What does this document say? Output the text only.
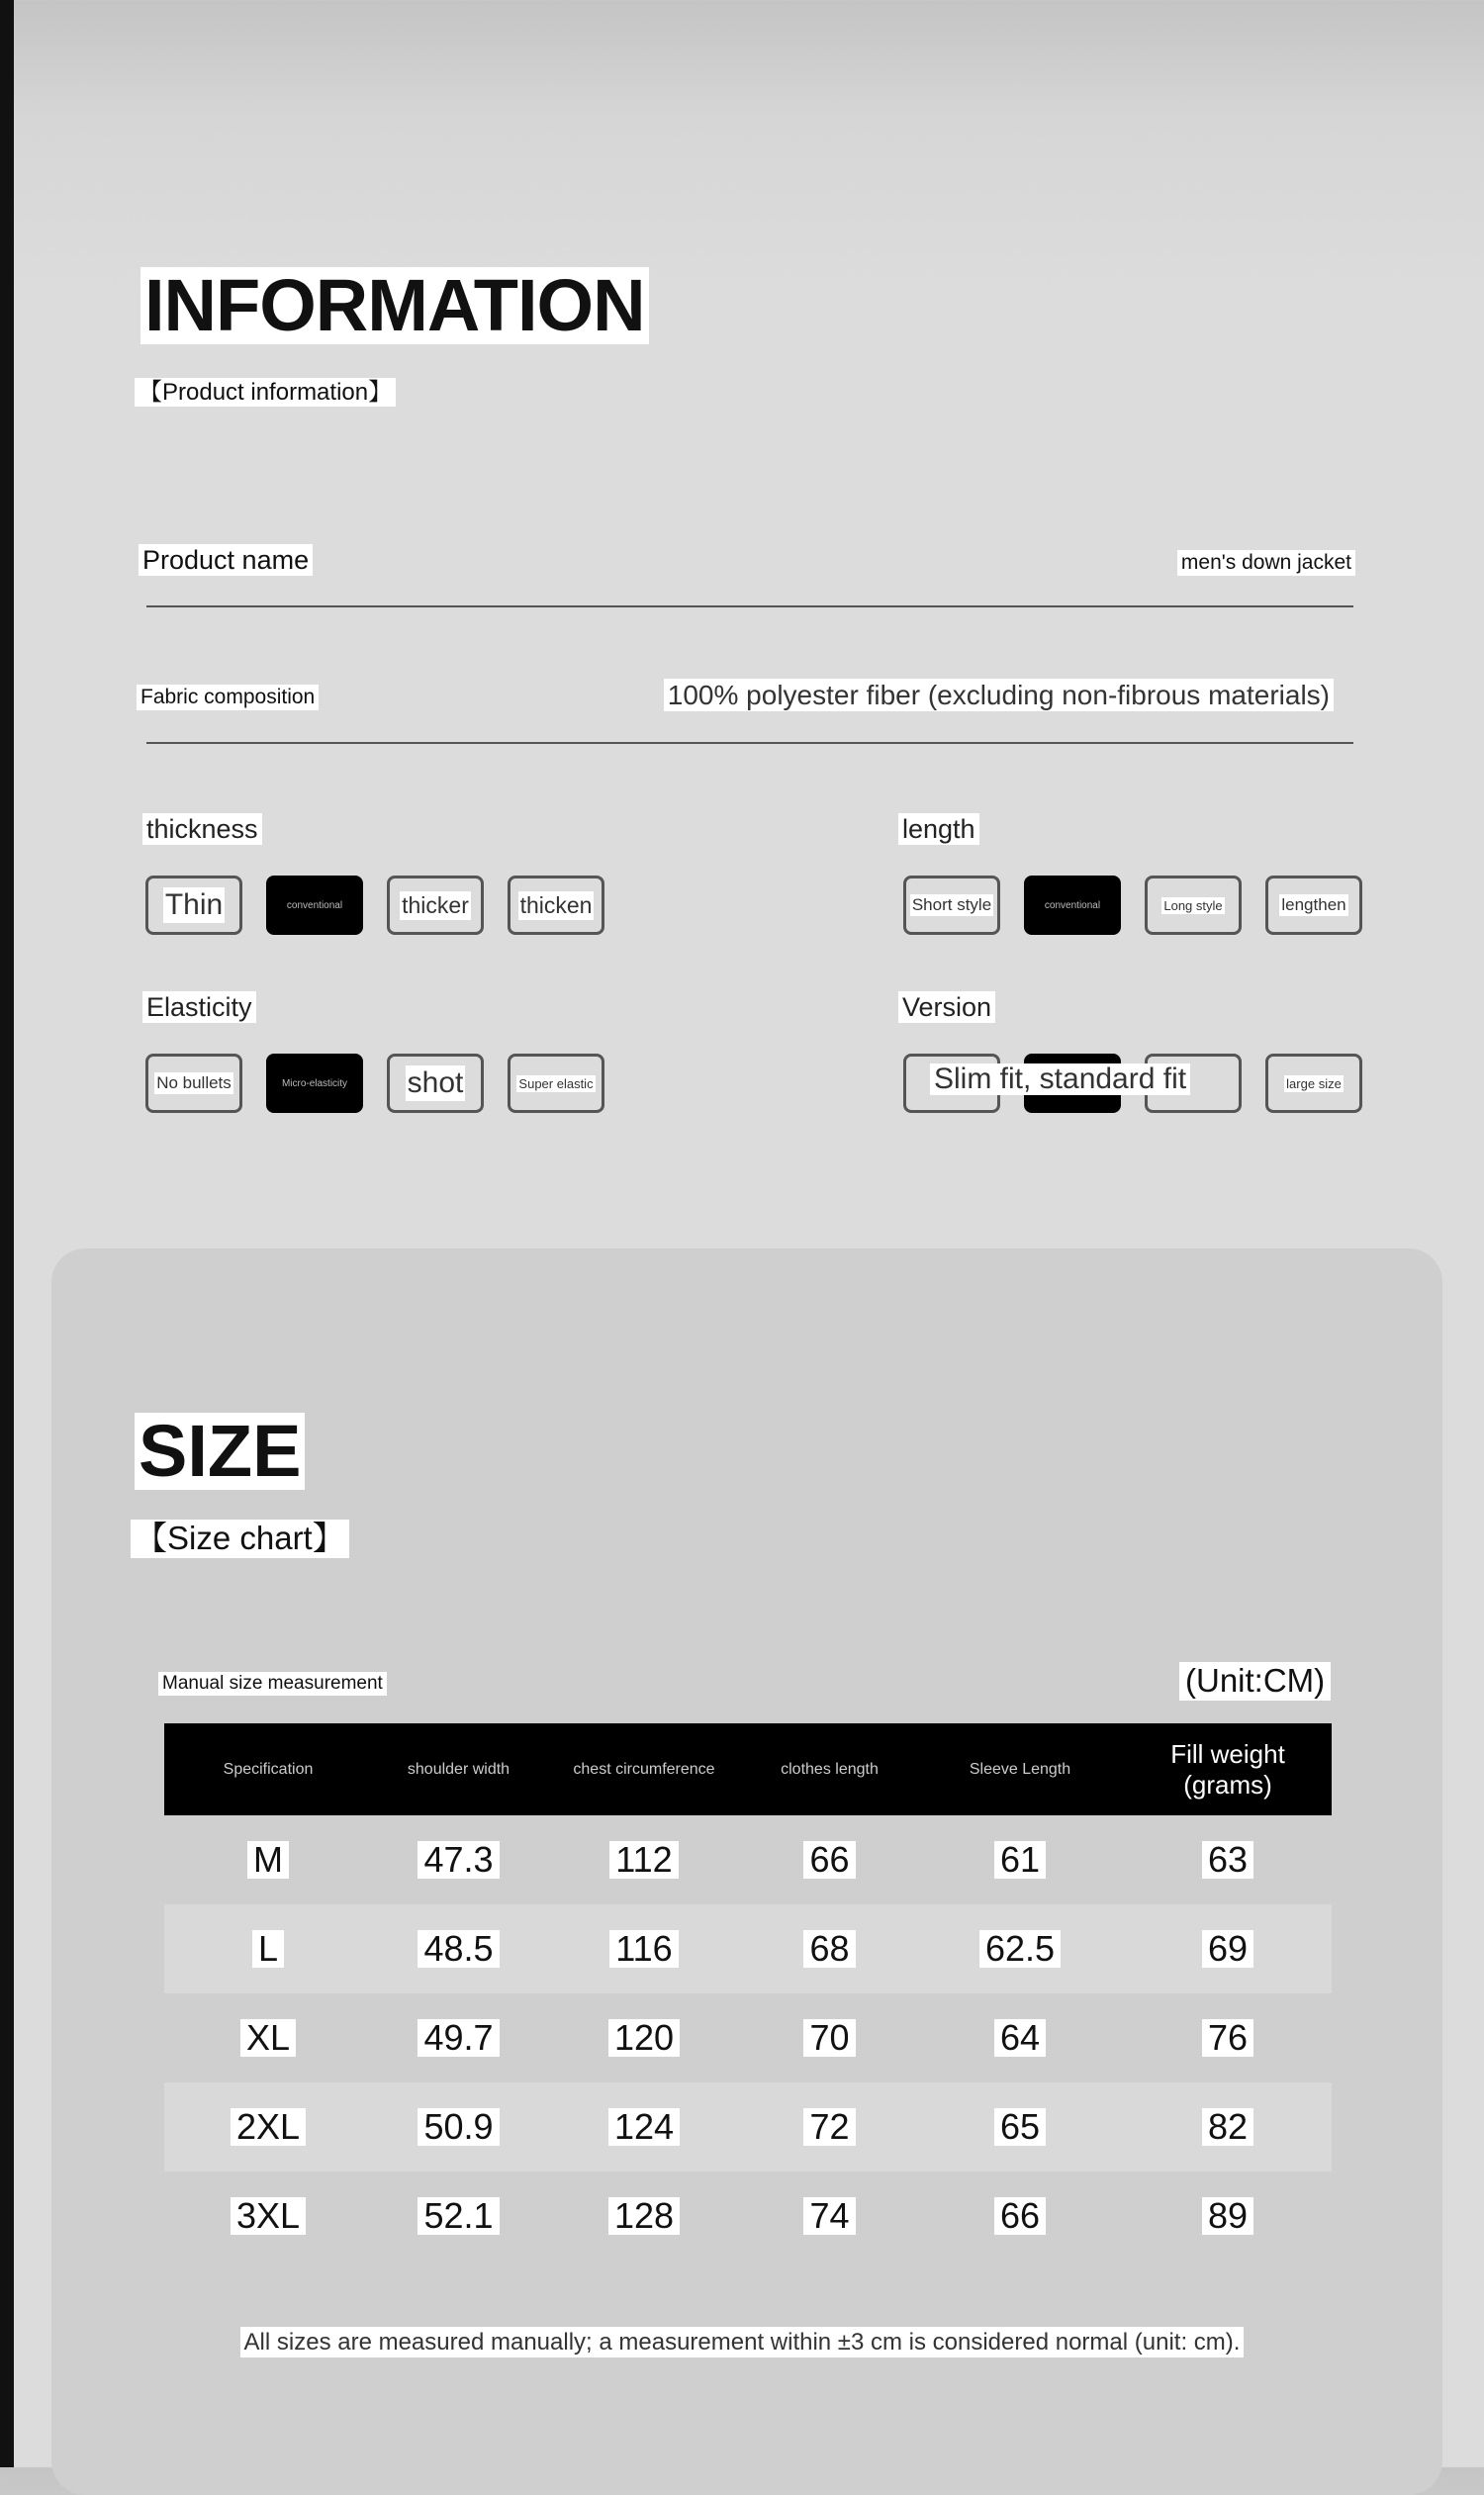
INFORMATION
【Product information】
Product name	men's down jacket
Fabric composition	100% polyester fiber (excluding non-fibrous materials)
thickness
Thin	conventional	thicker thicken
length
Short style	conventional	Long style	lengthen
Elasticity
No bullets	Micro-elasticity shot	Super elastic
Version
large size
Slim fit, standard fit
SIZE
【Size chart】
Manual size measurement	(Unit:CM)
Specification	shoulder width	chest circumference	clothes length	Sleeve Length	Fill weight (grams)
M	47.3	112	66	61	63
L	48.5	116	68	62.5	69
XL	49.7	120	70	64	76
2XL	50.9	124	72	65	82
3XL	52.1	128	74	66	89
All sizes are measured manually; a measurement within ±3 cm is considered normal (unit: cm).
